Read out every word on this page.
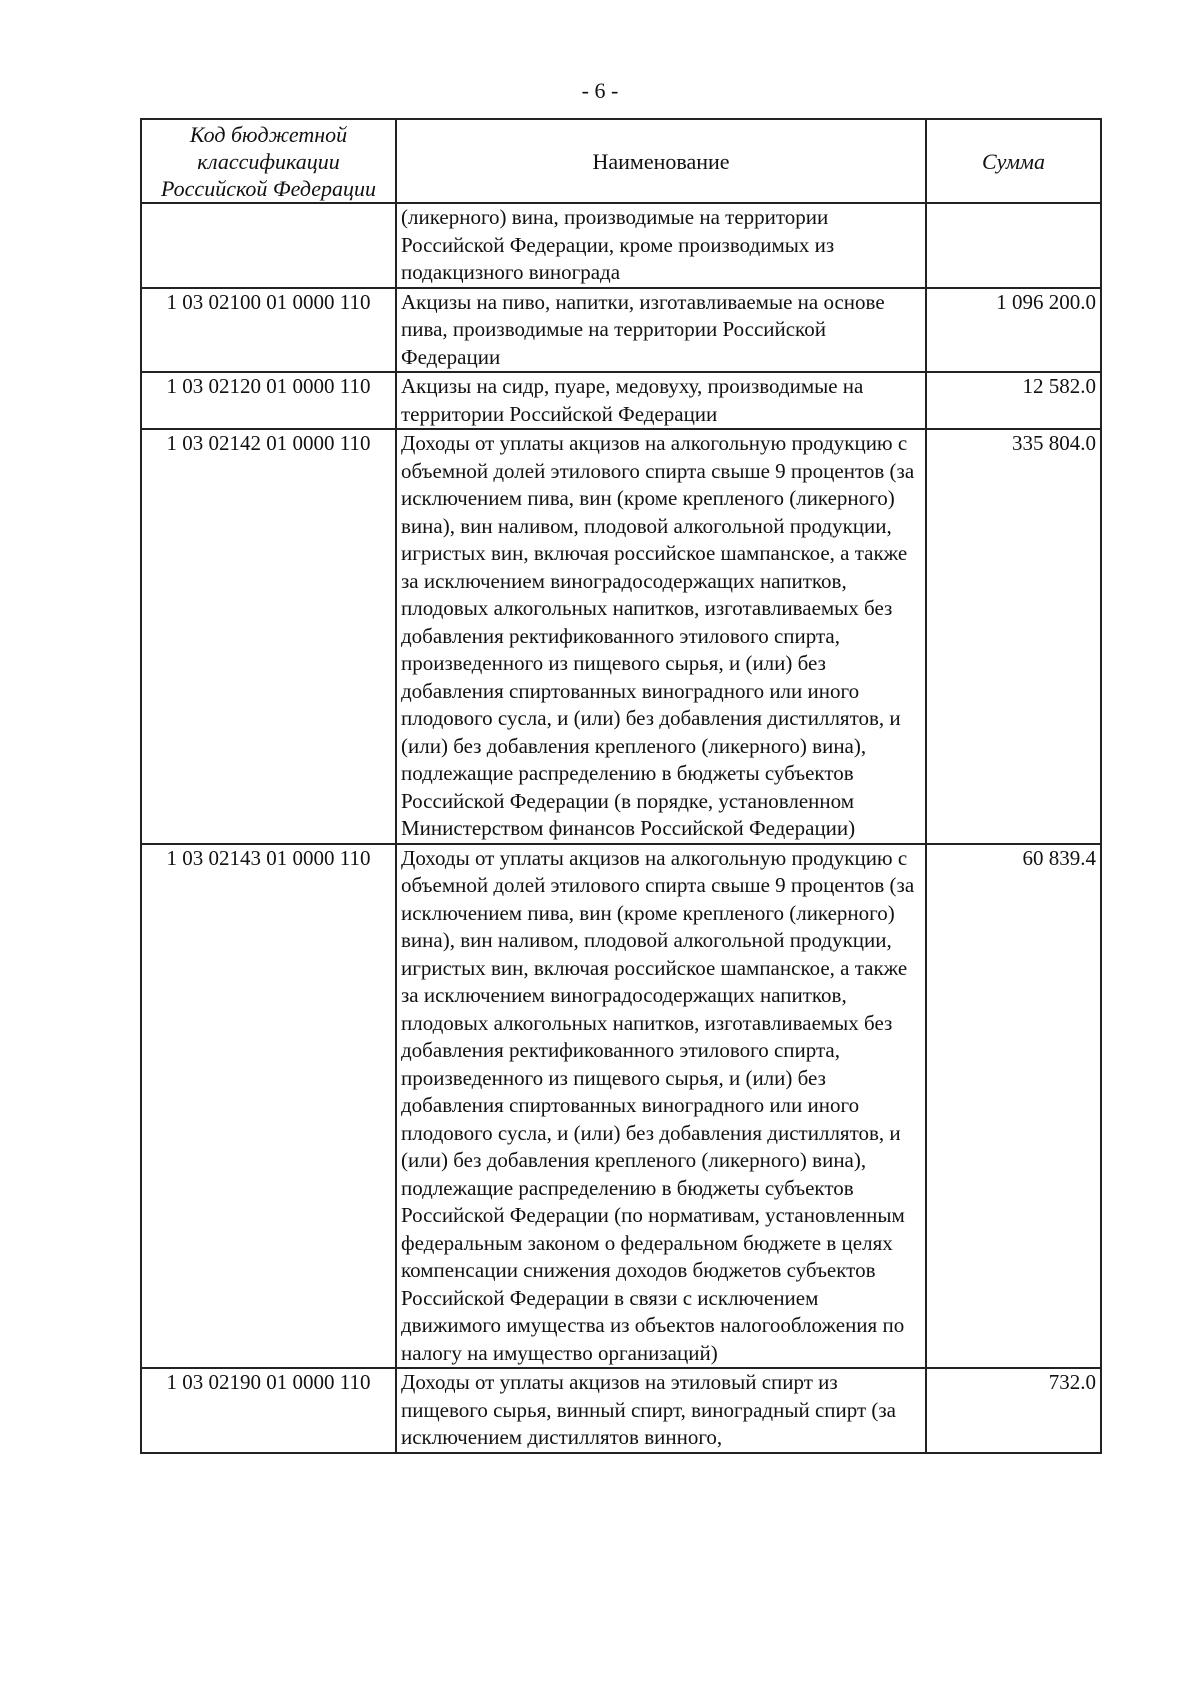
- 6 -
Код бюджетной классификации Российской Федерации	Наименование	Сумма
	(ликерного) вина, производимые на территории Российской Федерации, кроме производимых из подакцизного винограда	
1 03 02100 01 0000 110	Акцизы на пиво, напитки, изготавливаемые на основе пива, производимые на территории Российской Федерации	1 096 200.0
1 03 02120 01 0000 110	Акцизы на сидр, пуаре, медовуху, производимые на территории Российской Федерации	12 582.0
1 03 02142 01 0000 110	Доходы от уплаты акцизов на алкогольную продукцию с объемной долей этилового спирта свыше 9 процентов (за исключением пива, вин (кроме крепленого (ликерного) вина), вин наливом, плодовой алкогольной продукции, игристых вин, включая российское шампанское, а также за исключением виноградосодержащих напитков, плодовых алкогольных напитков, изготавливаемых без добавления ректификованного этилового спирта, произведенного из пищевого сырья, и (или) без добавления спиртованных виноградного или иного плодового сусла, и (или) без добавления дистиллятов, и (или) без добавления крепленого (ликерного) вина), подлежащие распределению в бюджеты субъектов Российской Федерации (в порядке, установленном Министерством финансов Российской Федерации)	335 804.0
1 03 02143 01 0000 110	Доходы от уплаты акцизов на алкогольную продукцию с объемной долей этилового спирта свыше 9 процентов (за исключением пива, вин (кроме крепленого (ликерного) вина), вин наливом, плодовой алкогольной продукции, игристых вин, включая российское шампанское, а также за исключением виноградосодержащих напитков, плодовых алкогольных напитков, изготавливаемых без добавления ректификованного этилового спирта, произведенного из пищевого сырья, и (или) без добавления спиртованных виноградного или иного плодового сусла, и (или) без добавления дистиллятов, и (или) без добавления крепленого (ликерного) вина), подлежащие распределению в бюджеты субъектов Российской Федерации (по нормативам, установленным федеральным законом о федеральном бюджете в целях компенсации снижения доходов бюджетов субъектов Российской Федерации в связи с исключением движимого имущества из объектов налогообложения по налогу на имущество организаций)	60 839.4
1 03 02190 01 0000 110	Доходы от уплаты акцизов на этиловый спирт из пищевого сырья, винный спирт, виноградный спирт (за исключением дистиллятов винного,	732.0
